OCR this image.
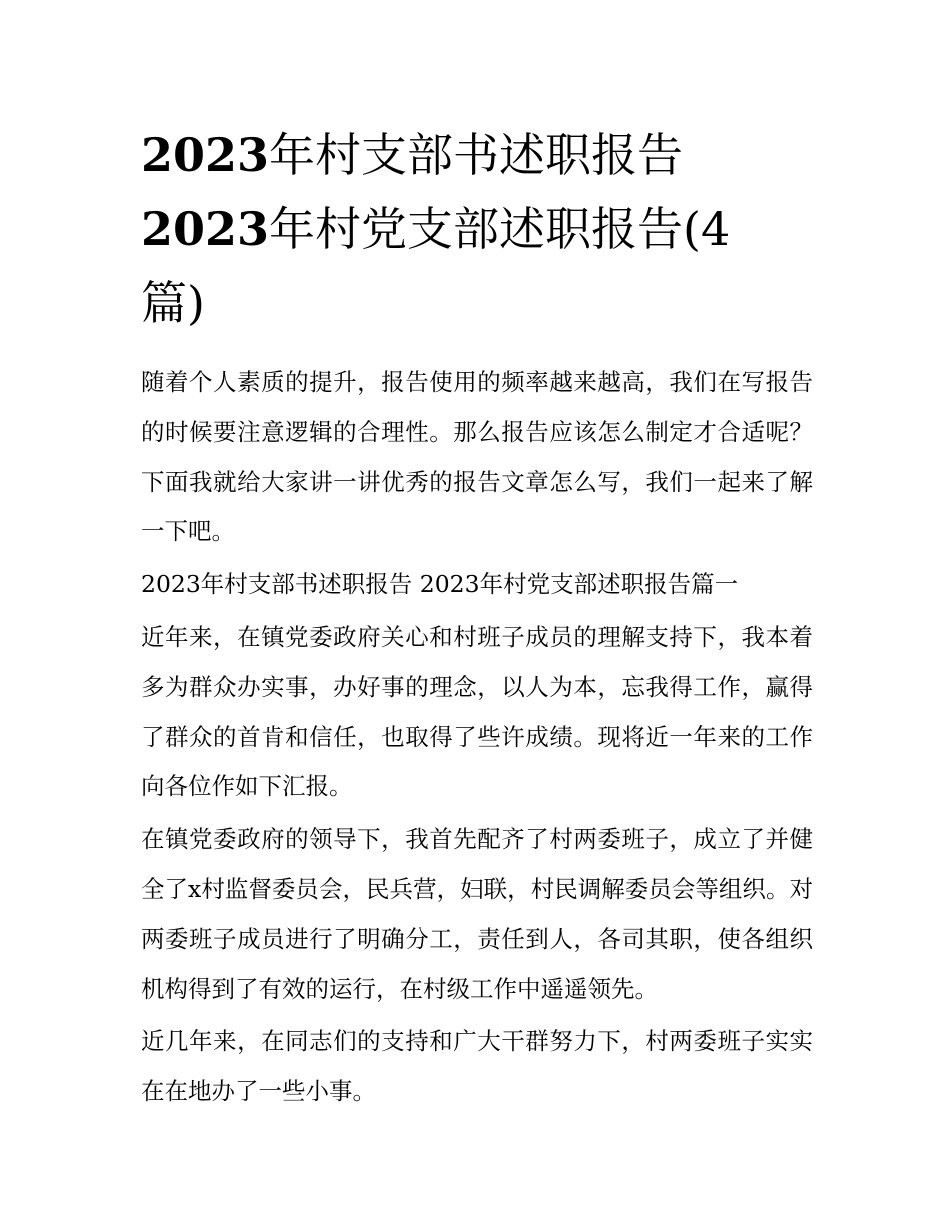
2023年村支部书述职报告
2023年村党支部述职报告(4
篇)

随着个人素质的提升，报告使用的频率越来越高，我们在写报告的时候要注意逻辑的合理性。那么报告应该怎么制定才合适呢？下面我就给大家讲一讲优秀的报告文章怎么写，我们一起来了解一下吧。

2023年村支部书述职报告 2023年村党支部述职报告篇一

近年来，在镇党委政府关心和村班子成员的理解支持下，我本着多为群众办实事，办好事的理念，以人为本，忘我得工作，赢得了群众的首肯和信任，也取得了些许成绩。现将近一年来的工作向各位作如下汇报。

在镇党委政府的领导下，我首先配齐了村两委班子，成立了并健全了x村监督委员会，民兵营，妇联，村民调解委员会等组织。对两委班子成员进行了明确分工，责任到人，各司其职，使各组织机构得到了有效的运行，在村级工作中遥遥领先。

近几年来，在同志们的支持和广大干群努力下，村两委班子实实在在地办了一些小事。
